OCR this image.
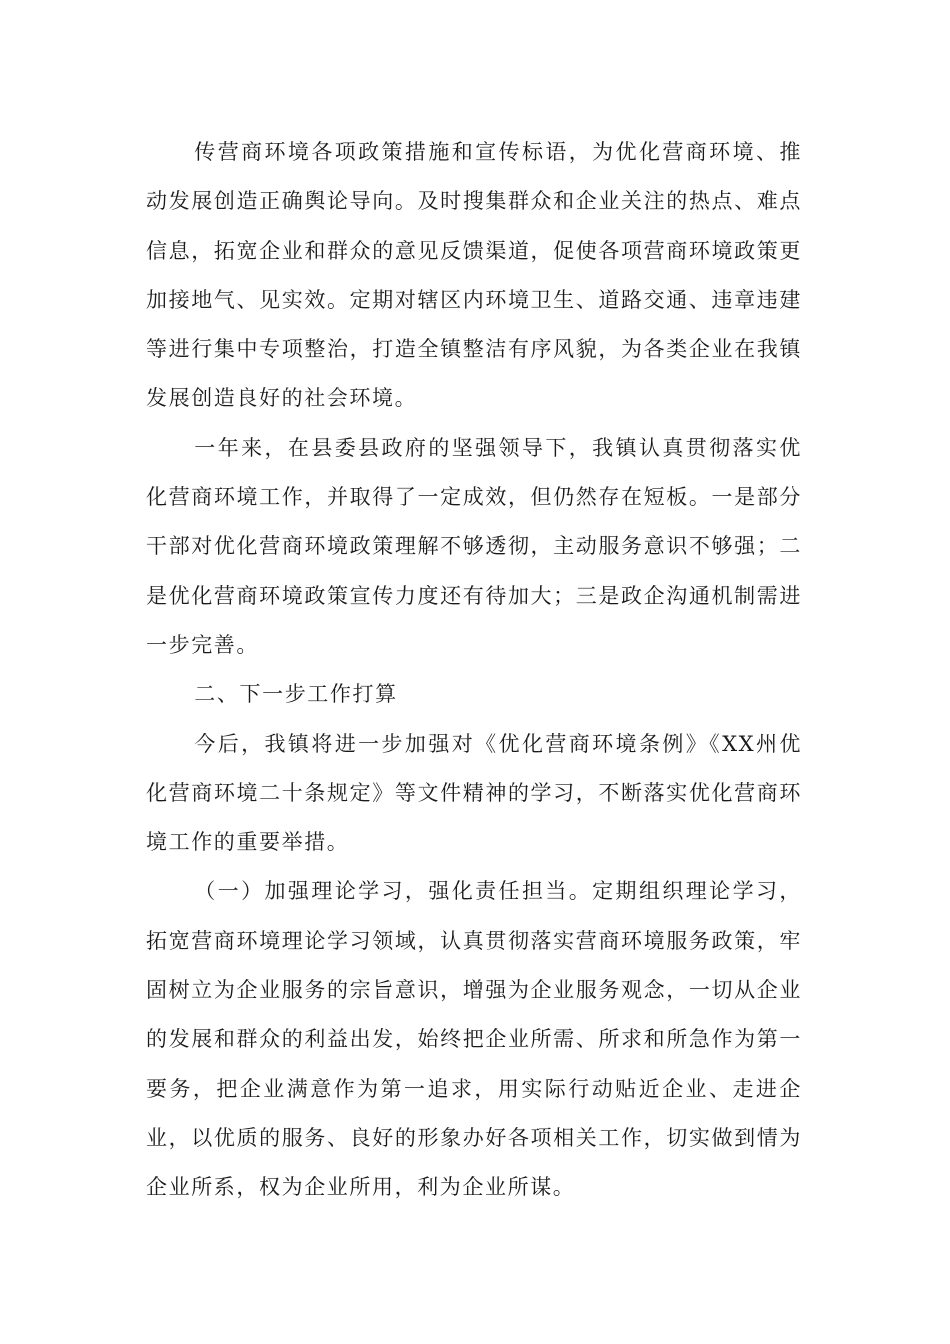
传营商环境各项政策措施和宣传标语，为优化营商环境、推动发展创造正确舆论导向。及时搜集群众和企业关注的热点、难点信息，拓宽企业和群众的意见反馈渠道，促使各项营商环境政策更加接地气、见实效。定期对辖区内环境卫生、道路交通、违章违建等进行集中专项整治，打造全镇整洁有序风貌，为各类企业在我镇发展创造良好的社会环境。

一年来，在县委县政府的坚强领导下，我镇认真贯彻落实优化营商环境工作，并取得了一定成效，但仍然存在短板。一是部分干部对优化营商环境政策理解不够透彻，主动服务意识不够强；二是优化营商环境政策宣传力度还有待加大；三是政企沟通机制需进一步完善。

二、下一步工作打算

今后，我镇将进一步加强对《优化营商环境条例》《XX州优化营商环境二十条规定》等文件精神的学习，不断落实优化营商环境工作的重要举措。

（一）加强理论学习，强化责任担当。定期组织理论学习，拓宽营商环境理论学习领域，认真贯彻落实营商环境服务政策，牢固树立为企业服务的宗旨意识，增强为企业服务观念，一切从企业的发展和群众的利益出发，始终把企业所需、所求和所急作为第一要务，把企业满意作为第一追求，用实际行动贴近企业、走进企业，以优质的服务、良好的形象办好各项相关工作，切实做到情为企业所系，权为企业所用，利为企业所谋。
